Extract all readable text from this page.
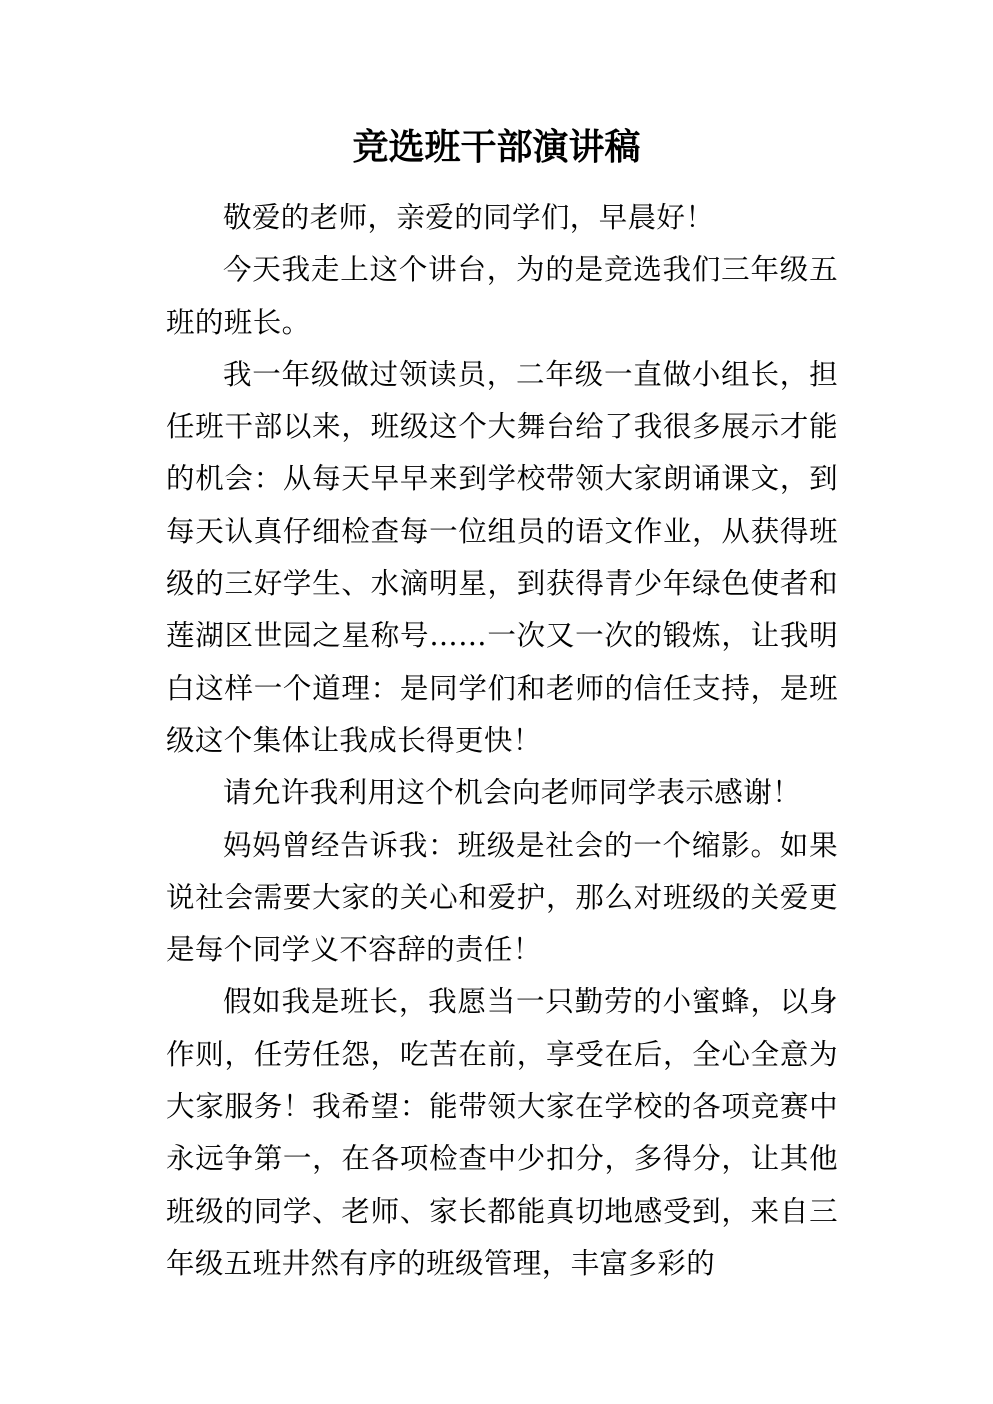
竞选班干部演讲稿

敬爱的老师，亲爱的同学们，早晨好！

今天我走上这个讲台，为的是竞选我们三年级五班的班长。

我一年级做过领读员，二年级一直做小组长，担任班干部以来，班级这个大舞台给了我很多展示才能的机会：从每天早早来到学校带领大家朗诵课文，到每天认真仔细检查每一位组员的语文作业，从获得班级的三好学生、水滴明星，到获得青少年绿色使者和莲湖区世园之星称号……一次又一次的锻炼，让我明白这样一个道理：是同学们和老师的信任支持，是班级这个集体让我成长得更快！

请允许我利用这个机会向老师同学表示感谢！

妈妈曾经告诉我：班级是社会的一个缩影。如果说社会需要大家的关心和爱护，那么对班级的关爱更是每个同学义不容辞的责任！

假如我是班长，我愿当一只勤劳的小蜜蜂，以身作则，任劳任怨，吃苦在前，享受在后，全心全意为大家服务！我希望：能带领大家在学校的各项竞赛中永远争第一，在各项检查中少扣分，多得分，让其他班级的同学、老师、家长都能真切地感受到，来自三年级五班井然有序的班级管理，丰富多彩的
